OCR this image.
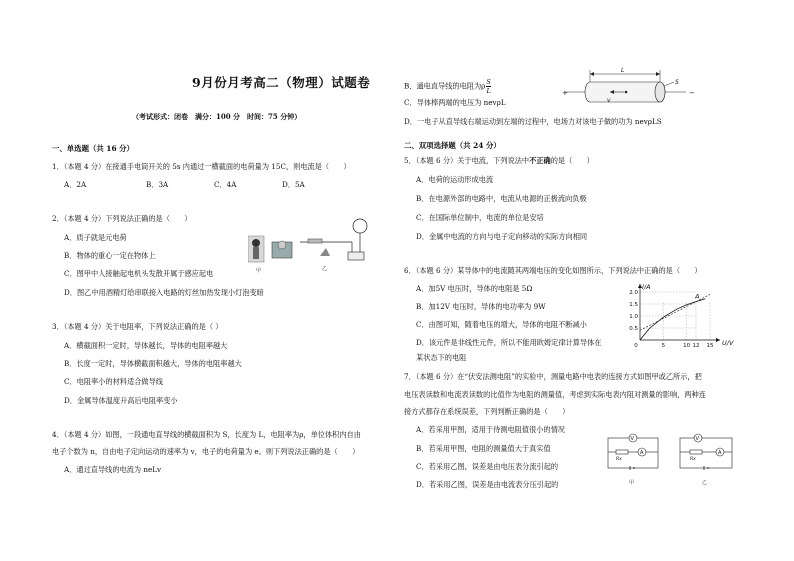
9月份月考高二（物理）试题卷
（考试形式：闭卷　满分：100 分　时间：75 分钟）
一、单选题（共 16 分）
1．（本题 4 分）在接通手电筒开关的 5s 内通过一横截面的电荷量为 15C，则电流是（　　）
A．2A	B．3A	C．4A	D．5A
2．（本题 4 分）下列说法正确的是（　　）
A．质子就是元电荷
B．物体的重心一定在物体上
C．图甲中人接触起电机头发散开属于感应起电
D．图乙中用酒精灯给串联接入电路的灯丝加热发现小灯泡变暗
甲	乙
3．（本题 4 分）关于电阻率，下列说法正确的是（ ）
A．横截面积一定时，导体越长，导体的电阻率越大
B．长度一定时，导体横截面积越大，导体的电阻率越大
C．电阻率小的材料适合做导线
D．金属导体温度升高后电阻率变小
4．（本题 4 分）如图，一段通电直导线的横截面积为 S，长度为 L，电阻率为ρ，单位体积内自由
电子个数为 n，自由电子定向运动的速率为 v，电子的电荷量为 e。则下列说法正确的是（　　）
A．通过直导线的电流为 neLv
B．通电直导线的电阻为ρ $\frac{S}{L}$
C．导体棒两端的电压为 nevρL
D．一电子从直导线右端运动到左端的过程中，电场力对该电子做的功为 nevρLS
L
S
+	−
v
二、双项选择题（共 24 分）
5．（本题 6 分）关于电流，下列说法中不正确的是（　　）
A．电荷的运动形成电流
B．在电源外部的电路中，电流从电源的正极流向负极
C．在国际单位制中，电流的单位是安培
D．金属中电流的方向与电子定向移动的实际方向相同
6．（本题 6 分）某导体中的电流随其两端电压的变化如图所示，下列说法中正确的是（　　）
A．加5V 电压时，导体的电阻是 5Ω
B．加12V 电压时，导体的电功率为 9W
C．由图可知，随着电压的增大，导体的电阻不断减小
D．该元件是非线性元件，所以不能用欧姆定律计算导体在
某状态下的电阻
I/A
U/V
0.5
1.0
1.5
2.0
0	5	10 12 15
A
7．（本题 6 分）在“伏安法测电阻”的实验中，测量电路中电表的连接方式如图甲或乙所示，把
电压表读数和电流表读数的比值作为电阻的测量值，考虑到实际电表内阻对测量的影响，两种连
接方式都存在系统误差，下列判断正确的是（　　）
A．若采用甲图，适用于待测电阻值很小的情况
B．若采用甲图，电阻的测量值大于真实值
C．若采用乙图，误差是由电压表分流引起的
D．若采用乙图，误差是由电流表分压引起的
V
A
Rx
甲
V
A
Rx
乙
